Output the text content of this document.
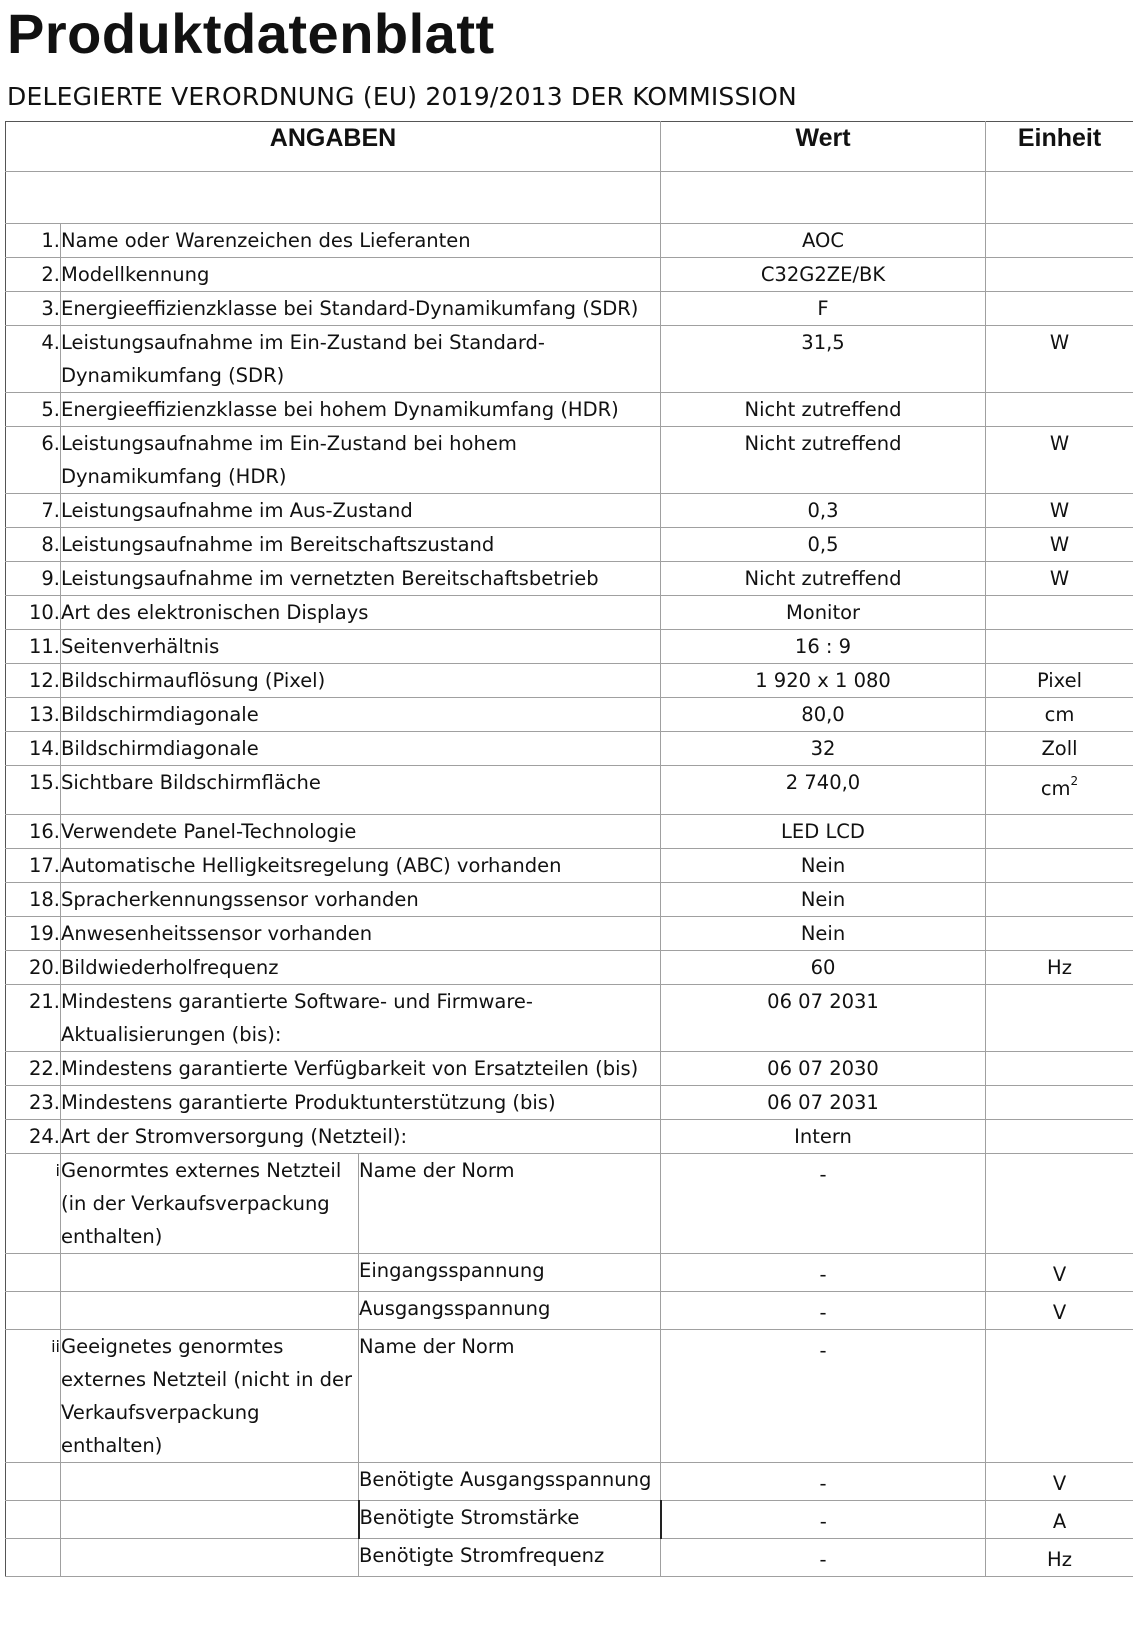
Produktdatenblatt
DELEGIERTE VERORDNUNG (EU) 2019/2013 DER KOMMISSION
ANGABEN			Wert	Einheit

1.	Name oder Warenzeichen des Lieferanten		AOC	
2.	Modellkennung		C32G2ZE/BK	
3.	Energieeffizienzklasse bei Standard-Dynamikumfang (SDR)		F	
4.	Leistungsaufnahme im Ein-Zustand bei Standard-Dynamikumfang (SDR)		31,5	W
5.	Energieeffizienzklasse bei hohem Dynamikumfang (HDR)		Nicht zutreffend	
6.	Leistungsaufnahme im Ein-Zustand bei hohem Dynamikumfang (HDR)		Nicht zutreffend	W
7.	Leistungsaufnahme im Aus-Zustand		0,3	W
8.	Leistungsaufnahme im Bereitschaftszustand		0,5	W
9.	Leistungsaufnahme im vernetzten Bereitschaftsbetrieb		Nicht zutreffend	W
10.	Art des elektronischen Displays		Monitor	
11.	Seitenverhältnis		16 : 9	
12.	Bildschirmauflösung (Pixel)		1 920 x 1 080	Pixel
13.	Bildschirmdiagonale		80,0	cm
14.	Bildschirmdiagonale		32	Zoll
15.	Sichtbare Bildschirmfläche		2 740,0	$cm^2$
16.	Verwendete Panel-Technologie		LED LCD	
17.	Automatische Helligkeitsregelung (ABC) vorhanden		Nein	
18.	Spracherkennungssensor vorhanden		Nein	
19.	Anwesenheitssensor vorhanden		Nein	
20.	Bildwiederholfrequenz		60	Hz
21.	Mindestens garantierte Software- und Firmware-Aktualisierungen (bis):		06 07 2031	
22.	Mindestens garantierte Verfügbarkeit von Ersatzteilen (bis)		06 07 2030	
23.	Mindestens garantierte Produktunterstützung (bis)		06 07 2031	
24.	Art der Stromversorgung (Netzteil):		Intern	
i	Genormtes externes Netzteil (in der Verkaufsverpackung enthalten)	Name der Norm	-	
		Eingangsspannung	-	V
		Ausgangsspannung	-	V
ii	Geeignetes genormtes externes Netzteil (nicht in der Verkaufsverpackung enthalten)	Name der Norm	-	
		Benötigte Ausgangsspannung	-	V
		Benötigte Stromstärke	-	A
		Benötigte Stromfrequenz	-	Hz
